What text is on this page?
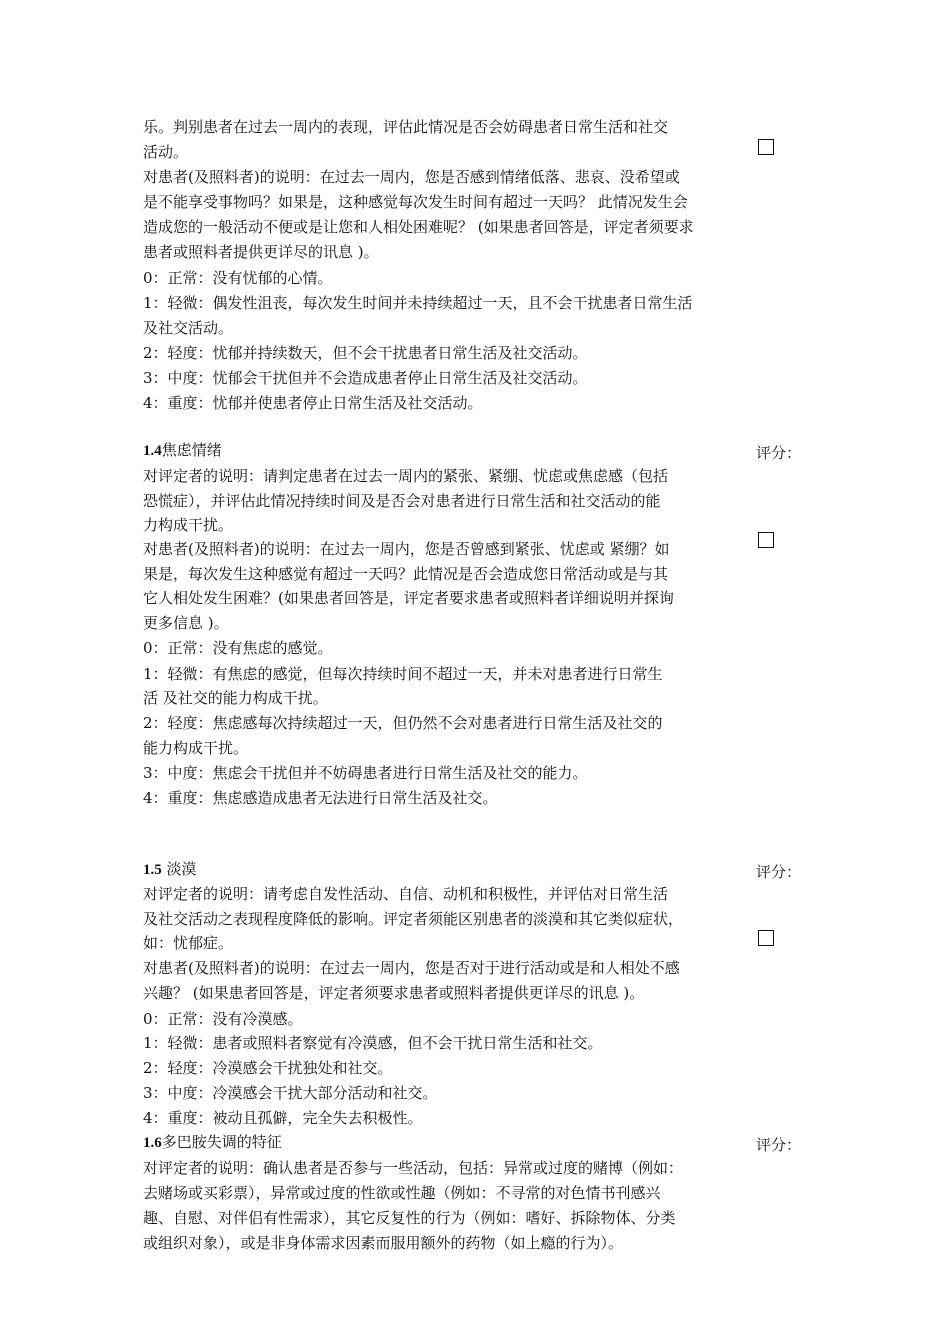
乐。判别患者在过去一周内的表现，评估此情况是否会妨碍患者日常生活和社交
活动。
对患者(及照料者)的说明：在过去一周内，您是否感到情绪低落、悲哀、没希望或
是不能享受事物吗？如果是，这种感觉每次发生时间有超过一天吗？ 此情况发生会
造成您的一般活动不便或是让您和人相处困难呢？ (如果患者回答是，评定者须要求
患者或照料者提供更详尽的讯息 )。
0：正常：没有忧郁的心情。
1：轻微：偶发性沮丧，每次发生时间并未持续超过一天，且不会干扰患者日常生活
及社交活动。
2：轻度：忧郁并持续数天，但不会干扰患者日常生活及社交活动。
3：中度：忧郁会干扰但并不会造成患者停止日常生活及社交活动。
4：重度：忧郁并使患者停止日常生活及社交活动。
1.4焦虑情绪	评分：
对评定者的说明：请判定患者在过去一周内的紧张、紧绷、忧虑或焦虑感（包括
恐慌症），并评估此情况持续时间及是否会对患者进行日常生活和社交活动的能
力构成干扰。
对患者(及照料者)的说明：在过去一周内，您是否曾感到紧张、忧虑或 紧绷？如
果是，每次发生这种感觉有超过一天吗？此情况是否会造成您日常活动或是与其
它人相处发生困难？(如果患者回答是，评定者要求患者或照料者详细说明并探询
更多信息 )。
0：正常：没有焦虑的感觉。
1：轻微：有焦虑的感觉，但每次持续时间不超过一天，并未对患者进行日常生
活 及社交的能力构成干扰。
2：轻度：焦虑感每次持续超过一天，但仍然不会对患者进行日常生活及社交的
能力构成干扰。
3：中度：焦虑会干扰但并不妨碍患者进行日常生活及社交的能力。
4：重度：焦虑感造成患者无法进行日常生活及社交。
1.5 淡漠	评分：
对评定者的说明：请考虑自发性活动、自信、动机和积极性，并评估对日常生活
及社交活动之表现程度降低的影响。评定者须能区别患者的淡漠和其它类似症状，
如：忧郁症。
对患者(及照料者)的说明：在过去一周内，您是否对于进行活动或是和人相处不感
兴趣？ (如果患者回答是，评定者须要求患者或照料者提供更详尽的讯息 )。
0：正常：没有冷漠感。
1：轻微：患者或照料者察觉有冷漠感，但不会干扰日常生活和社交。
2：轻度：冷漠感会干扰独处和社交。
3：中度：冷漠感会干扰大部分活动和社交。
4：重度：被动且孤僻，完全失去积极性。
1.6多巴胺失调的特征	评分：
对评定者的说明：确认患者是否参与一些活动，包括：异常或过度的赌博（例如：
去赌场或买彩票），异常或过度的性欲或性趣（例如：不寻常的对色情书刊感兴
趣、自慰、对伴侣有性需求），其它反复性的行为（例如：嗜好、拆除物体、分类
或组织对象），或是非身体需求因素而服用额外的药物（如上瘾的行为）。
